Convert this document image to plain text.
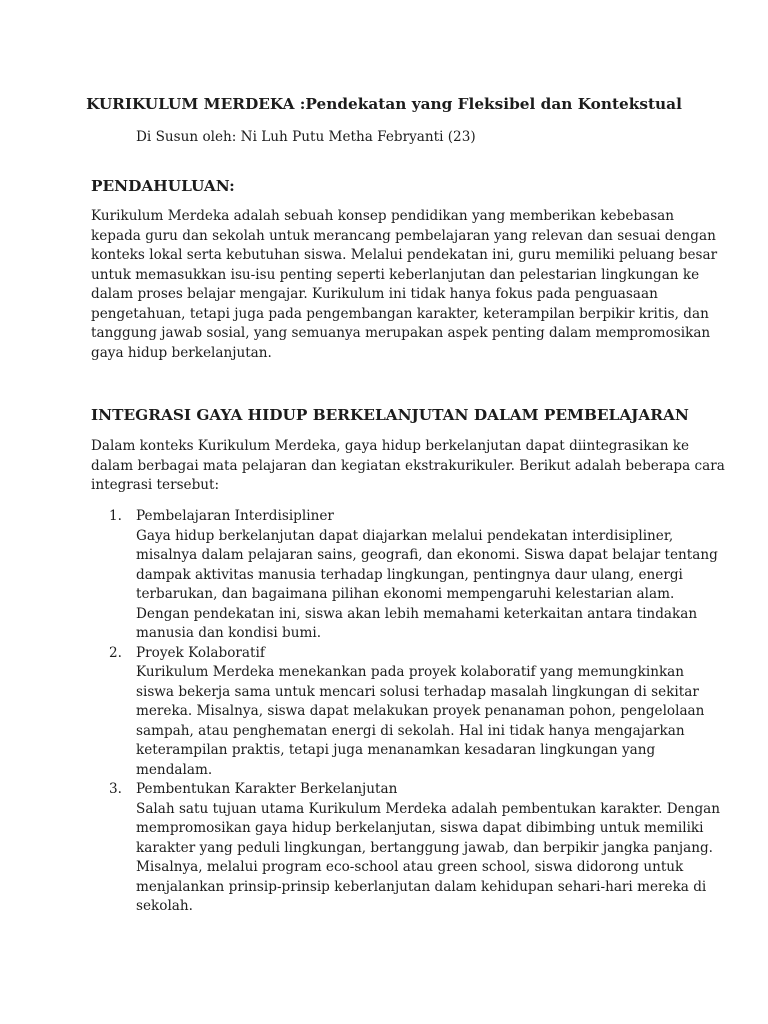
KURIKULUM MERDEKA :Pendekatan yang Fleksibel dan Kontekstual
Di Susun oleh: Ni Luh Putu Metha Febryanti (23)
PENDAHULUAN:
Kurikulum Merdeka adalah sebuah konsep pendidikan yang memberikan kebebasan
kepada guru dan sekolah untuk merancang pembelajaran yang relevan dan sesuai dengan
konteks lokal serta kebutuhan siswa. Melalui pendekatan ini, guru memiliki peluang besar
untuk memasukkan isu-isu penting seperti keberlanjutan dan pelestarian lingkungan ke
dalam proses belajar mengajar. Kurikulum ini tidak hanya fokus pada penguasaan
pengetahuan, tetapi juga pada pengembangan karakter, keterampilan berpikir kritis, dan
tanggung jawab sosial, yang semuanya merupakan aspek penting dalam mempromosikan
gaya hidup berkelanjutan.
INTEGRASI GAYA HIDUP BERKELANJUTAN DALAM PEMBELAJARAN
Dalam konteks Kurikulum Merdeka, gaya hidup berkelanjutan dapat diintegrasikan ke
dalam berbagai mata pelajaran dan kegiatan ekstrakurikuler. Berikut adalah beberapa cara
integrasi tersebut:
1. Pembelajaran Interdisipliner
Gaya hidup berkelanjutan dapat diajarkan melalui pendekatan interdisipliner,
misalnya dalam pelajaran sains, geografi, dan ekonomi. Siswa dapat belajar tentang
dampak aktivitas manusia terhadap lingkungan, pentingnya daur ulang, energi
terbarukan, dan bagaimana pilihan ekonomi mempengaruhi kelestarian alam.
Dengan pendekatan ini, siswa akan lebih memahami keterkaitan antara tindakan
manusia dan kondisi bumi.
2. Proyek Kolaboratif
Kurikulum Merdeka menekankan pada proyek kolaboratif yang memungkinkan
siswa bekerja sama untuk mencari solusi terhadap masalah lingkungan di sekitar
mereka. Misalnya, siswa dapat melakukan proyek penanaman pohon, pengelolaan
sampah, atau penghematan energi di sekolah. Hal ini tidak hanya mengajarkan
keterampilan praktis, tetapi juga menanamkan kesadaran lingkungan yang
mendalam.
3. Pembentukan Karakter Berkelanjutan
Salah satu tujuan utama Kurikulum Merdeka adalah pembentukan karakter. Dengan
mempromosikan gaya hidup berkelanjutan, siswa dapat dibimbing untuk memiliki
karakter yang peduli lingkungan, bertanggung jawab, dan berpikir jangka panjang.
Misalnya, melalui program eco-school atau green school, siswa didorong untuk
menjalankan prinsip-prinsip keberlanjutan dalam kehidupan sehari-hari mereka di
sekolah.
